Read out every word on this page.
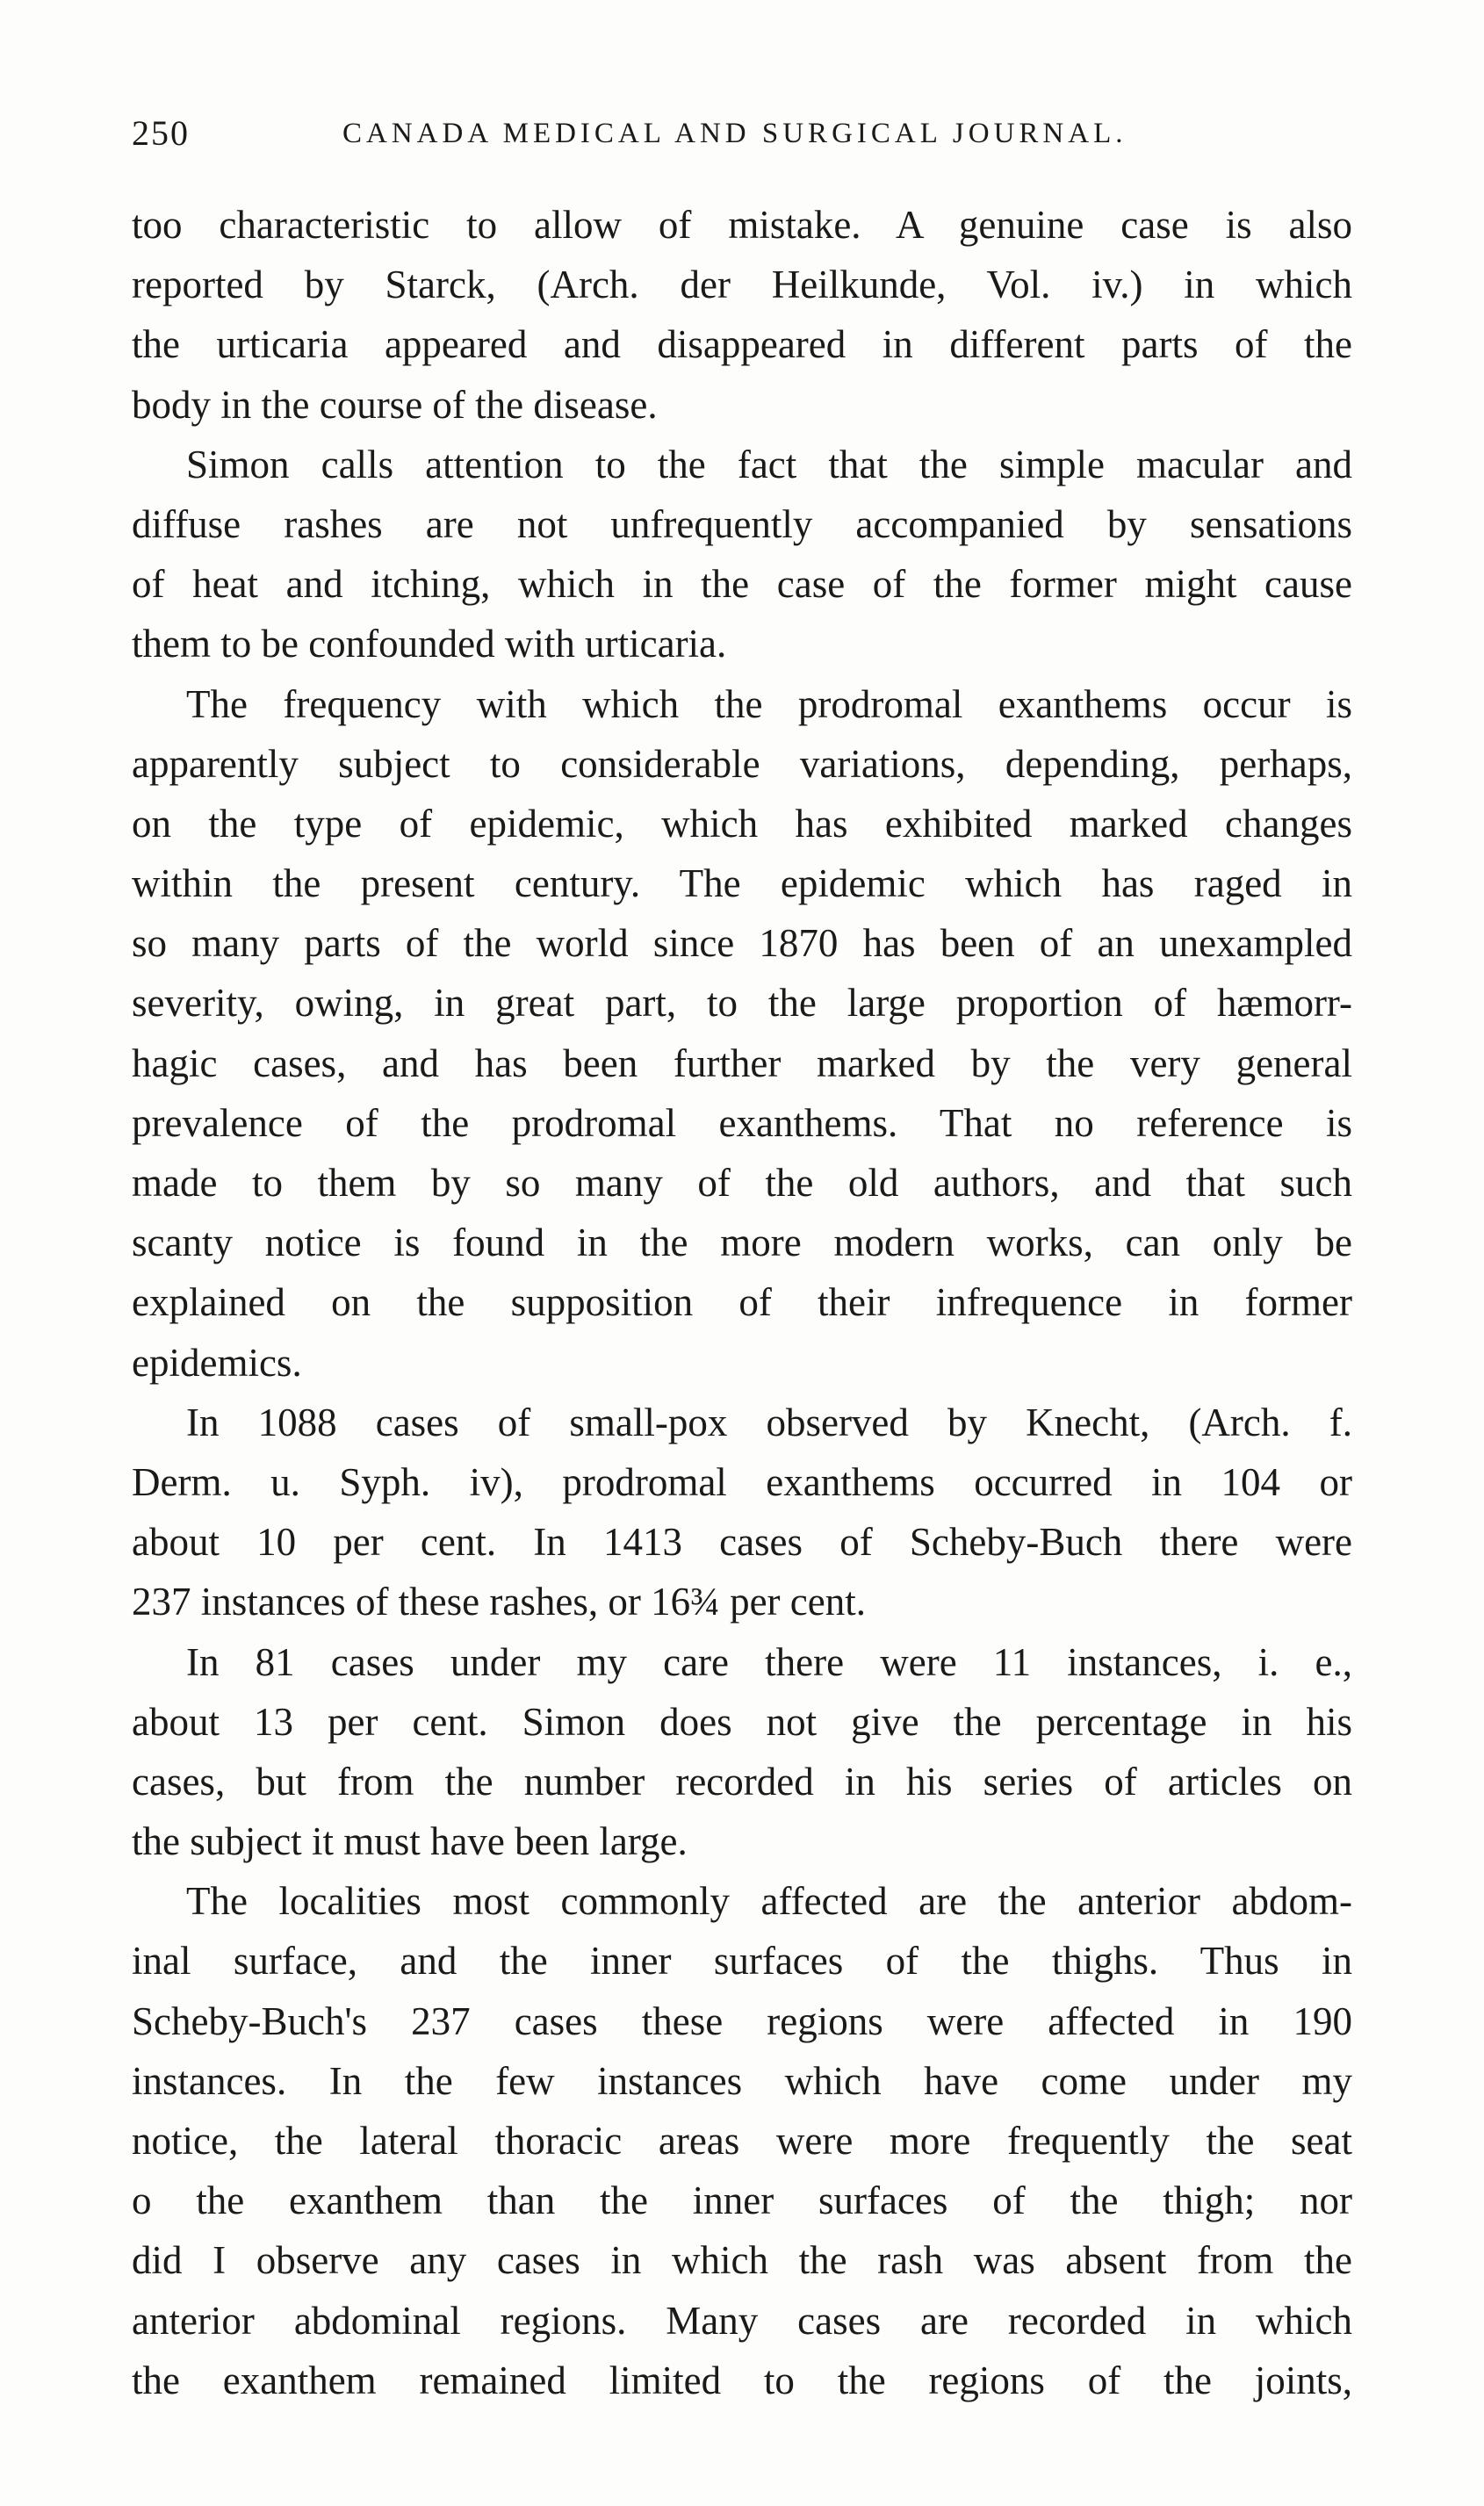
250	CANADA MEDICAL AND SURGICAL JOURNAL.
too characteristic to allow of mistake. A genuine case is also
reported by Starck, (Arch. der Heilkunde, Vol. iv.) in which
the urticaria appeared and disappeared in different parts of the
body in the course of the disease.
Simon calls attention to the fact that the simple macular and
diffuse rashes are not unfrequently accompanied by sensations
of heat and itching, which in the case of the former might cause
them to be confounded with urticaria.
The frequency with which the prodromal exanthems occur is
apparently subject to considerable variations, depending, perhaps,
on the type of epidemic, which has exhibited marked changes
within the present century. The epidemic which has raged in
so many parts of the world since 1870 has been of an unexampled
severity, owing, in great part, to the large proportion of hæmorr-
hagic cases, and has been further marked by the very general
prevalence of the prodromal exanthems. That no reference is
made to them by so many of the old authors, and that such
scanty notice is found in the more modern works, can only be
explained on the supposition of their infrequence in former
epidemics.
In 1088 cases of small-pox observed by Knecht, (Arch. f.
Derm. u. Syph. iv), prodromal exanthems occurred in 104 or
about 10 per cent. In 1413 cases of Scheby-Buch there were
237 instances of these rashes, or 16¾ per cent.
In 81 cases under my care there were 11 instances, i. e.,
about 13 per cent. Simon does not give the percentage in his
cases, but from the number recorded in his series of articles on
the subject it must have been large.
The localities most commonly affected are the anterior abdom-
inal surface, and the inner surfaces of the thighs. Thus in
Scheby-Buch's 237 cases these regions were affected in 190
instances. In the few instances which have come under my
notice, the lateral thoracic areas were more frequently the seat
o the exanthem than the inner surfaces of the thigh; nor
did I observe any cases in which the rash was absent from the
anterior abdominal regions. Many cases are recorded in which
the exanthem remained limited to the regions of the joints,
